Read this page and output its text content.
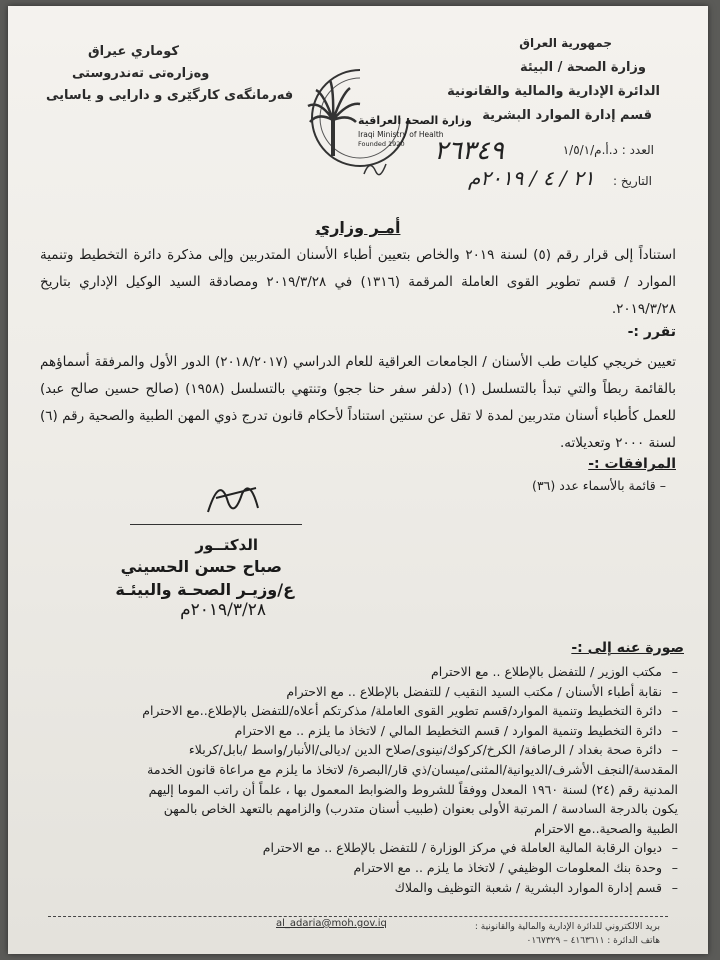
كوماري عيراق
وەزارەتی تەندروستی
فەرمانگەی كارگێری و دارایی و یاسایی
جمهورية العراق
وزارة الصحة / البيئة
الدائرة الإدارية والمالية والقانونية
قسم إدارة الموارد البشرية
العدد : د.أ.م/١/٥/١
٢٦٣٤٩
التاريخ :
٢١ / ٤ / ٢٠١٩م
وزارة الصحة العراقية
Iraqi Ministry of Health
Founded 1920
أمـر وزاري
استناداً إلى قرار رقم (٥) لسنة ٢٠١٩ والخاص بتعيين أطباء الأسنان المتدربين وإلى مذكرة دائرة التخطيط وتنمية الموارد / قسم تطوير القوى العاملة المرقمة (١٣١٦) في ٢٠١٩/٣/٢٨ ومصادقة السيد الوكيل الإداري بتاريخ ٢٠١٩/٣/٢٨.
تقرر :-
تعيين خريجي كليات طب الأسنان / الجامعات العراقية للعام الدراسي (٢٠١٨/٢٠١٧) الدور الأول والمرفقة أسماؤهم بالقائمة ربطاً والتي تبدأ بالتسلسل (١) (دلفر سفر حنا ججو) وتنتهي بالتسلسل (١٩٥٨) (صالح حسين صالح عبد) للعمل كأطباء أسنان متدربين لمدة لا تقل عن سنتين استناداً لأحكام قانون تدرج ذوي المهن الطبية والصحية رقم (٦) لسنة ٢٠٠٠ وتعديلاته.
المرافقات :-
– قائمة بالأسماء عدد (٣٦)
الدكتــور
صباح حسن الحسيني
ع/وزيـر الصحـة والبيئـة
٢٠١٩/٣/٢٨م
صورة عنه إلى :-
– مكتب الوزير / للتفضل بالإطلاع .. مع الاحترام
– نقابة أطباء الأسنان / مكتب السيد النقيب / للتفضل بالإطلاع .. مع الاحترام
– دائرة التخطيط وتنمية الموارد/قسم تطوير القوى العاملة/ مذكرتكم أعلاه/للتفضل بالإطلاع..مع الاحترام
– دائرة التخطيط وتنمية الموارد / قسم التخطيط المالي / لاتخاذ ما يلزم .. مع الاحترام
– دائرة صحة بغداد / الرصافة/ الكرخ/كركوك/نينوى/صلاح الدين /ديالى/الأنبار/واسط /بابل/كربلاء
المقدسة/النجف الأشرف/الديوانية/المثنى/ميسان/ذي قار/البصرة/ لاتخاذ ما يلزم مع مراعاة قانون الخدمة
المدنية رقم (٢٤) لسنة ١٩٦٠ المعدل ووفقاً للشروط والضوابط المعمول بها ، علماً أن راتب الموما إليهم
يكون بالدرجة السادسة / المرتبة الأولى بعنوان (طبيب أسنان متدرب) والزامهم بالتعهد الخاص بالمهن
الطبية والصحية..مع الاحترام
– ديوان الرقابة المالية العاملة في مركز الوزارة / للتفضل بالإطلاع .. مع الاحترام
– وحدة بنك المعلومات الوظيفي / لاتخاذ ما يلزم .. مع الاحترام
– قسم إدارة الموارد البشرية / شعبة التوظيف والملاك
بريد الالكتروني للدائرة الإدارية والمالية والقانونية :
al_adaria@moh.gov.iq
هاتف الدائرة : ٤١٦٣٦١١ – ٠١٦٧٣٢٩
